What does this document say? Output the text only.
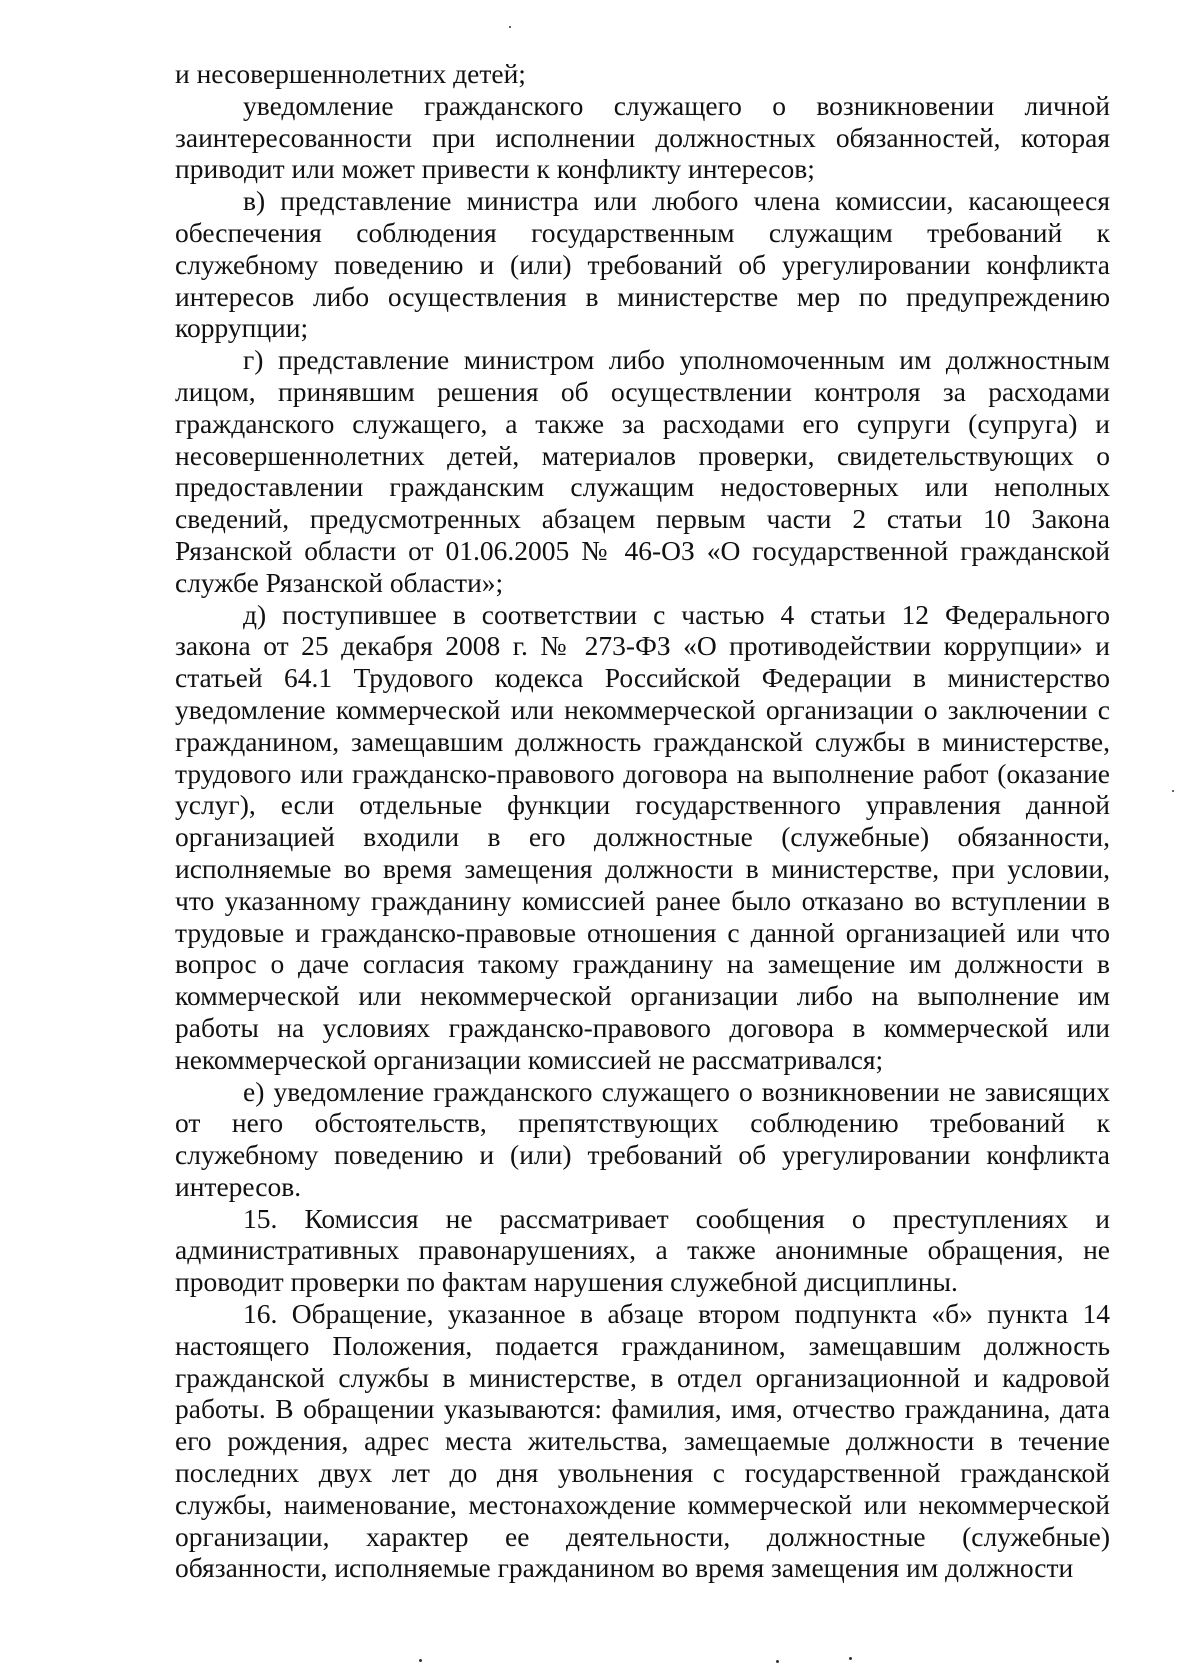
и несовершеннолетних детей;

уведомление гражданского служащего о возникновении личной заинтересованности при исполнении должностных обязанностей, которая приводит или может привести к конфликту интересов;

в) представление министра или любого члена комиссии, касающееся обеспечения соблюдения государственным служащим требований к служебному поведению и (или) требований об урегулировании конфликта интересов либо осуществления в министерстве мер по предупреждению коррупции;

г) представление министром либо уполномоченным им должностным лицом, принявшим решения об осуществлении контроля за расходами гражданского служащего, а также за расходами его супруги (супруга) и несовершеннолетних детей, материалов проверки, свидетельствующих о предоставлении гражданским служащим недостоверных или неполных сведений, предусмотренных абзацем первым части 2 статьи 10 Закона Рязанской области от 01.06.2005 № 46-ОЗ «О государственной гражданской службе Рязанской области»;

д) поступившее в соответствии с частью 4 статьи 12 Федерального закона от 25 декабря 2008 г. № 273-ФЗ «О противодействии коррупции» и статьей 64.1 Трудового кодекса Российской Федерации в министерство уведомление коммерческой или некоммерческой организации о заключении с гражданином, замещавшим должность гражданской службы в министерстве, трудового или гражданско-правового договора на выполнение работ (оказание услуг), если отдельные функции государственного управления данной организацией входили в его должностные (служебные) обязанности, исполняемые во время замещения должности в министерстве, при условии, что указанному гражданину комиссией ранее было отказано во вступлении в трудовые и гражданско-правовые отношения с данной организацией или что вопрос о даче согласия такому гражданину на замещение им должности в коммерческой или некоммерческой организации либо на выполнение им работы на условиях гражданско-правового договора в коммерческой или некоммерческой организации комиссией не рассматривался;

е) уведомление гражданского служащего о возникновении не зависящих от него обстоятельств, препятствующих соблюдению требований к служебному поведению и (или) требований об урегулировании конфликта интересов.

15. Комиссия не рассматривает сообщения о преступлениях и административных правонарушениях, а также анонимные обращения, не проводит проверки по фактам нарушения служебной дисциплины.

16. Обращение, указанное в абзаце втором подпункта «б» пункта 14 настоящего Положения, подается гражданином, замещавшим должность гражданской службы в министерстве, в отдел организационной и кадровой работы. В обращении указываются: фамилия, имя, отчество гражданина, дата его рождения, адрес места жительства, замещаемые должности в течение последних двух лет до дня увольнения с государственной гражданской службы, наименование, местонахождение коммерческой или некоммерческой организации, характер ее деятельности, должностные (служебные) обязанности, исполняемые гражданином во время замещения им должности
